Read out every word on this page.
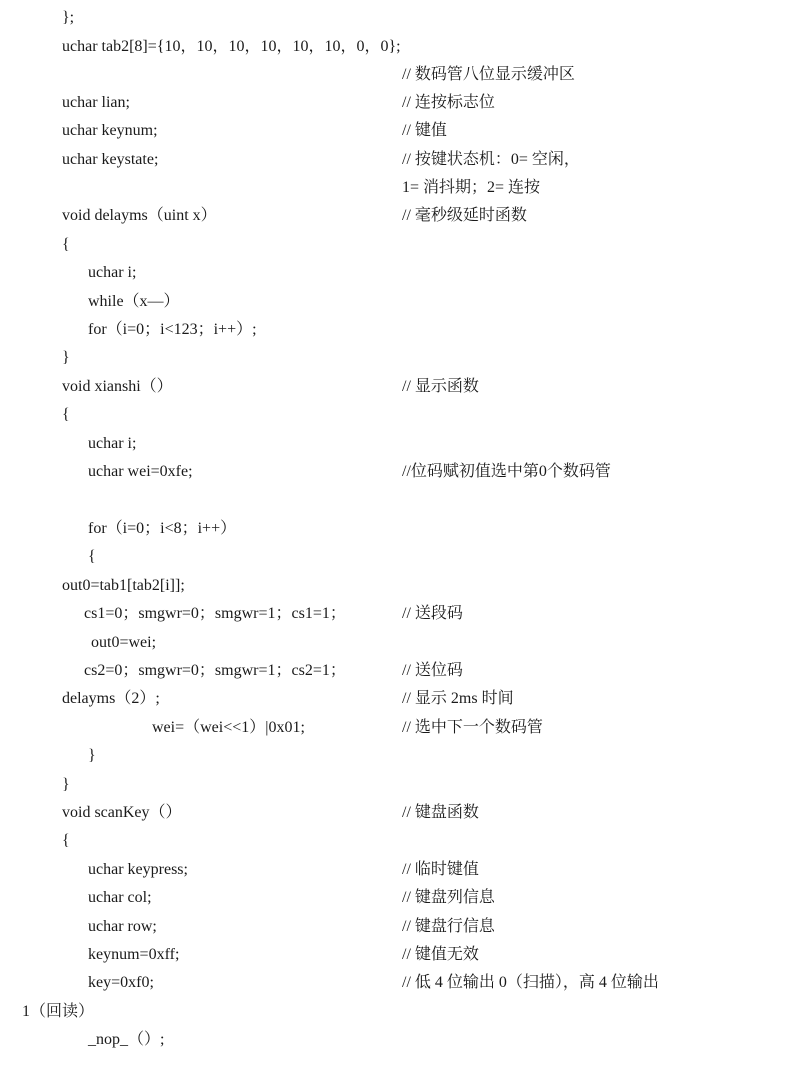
};
uchar tab2[8]={10，10，10，10，10，10，0，0};
// 数码管八位显示缓冲区
uchar lian;	// 连按标志位
uchar keynum;	// 键值
uchar keystate;	// 按键状态机：0= 空闲，
1= 消抖期；2= 连按
void delayms（uint x）	// 毫秒级延时函数
{
uchar i;
while（x—）
for（i=0；i<123；i++）;
}
void xianshi（）	// 显示函数
{
uchar i;
uchar wei=0xfe;	//位码赋初值选中第0个数码管
for（i=0；i<8；i++）
{
out0=tab1[tab2[i]];
cs1=0；smgwr=0；smgwr=1；cs1=1；	// 送段码
out0=wei;
cs2=0；smgwr=0；smgwr=1；cs2=1；	// 送位码
delayms（2）;	// 显示 2ms 时间
wei=（wei<<1）|0x01;	// 选中下一个数码管
}
}
void scanKey（）	// 键盘函数
{
uchar keypress;	// 临时键值
uchar col;	// 键盘列信息
uchar row;	// 键盘行信息
keynum=0xff;	// 键值无效
key=0xf0;	// 低 4 位输出 0（扫描），高 4 位输出
1（回读）
_nop_（）;
